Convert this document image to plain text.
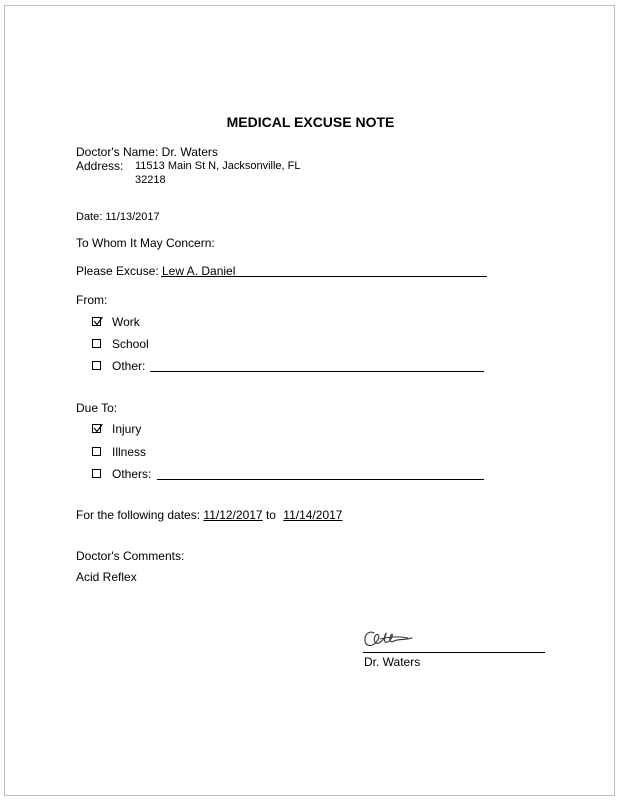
MEDICAL EXCUSE NOTE
Doctor's Name: Dr. Waters
Address: 11513 Main St N, Jacksonville, FL
32218
Date: 11/13/2017
To Whom It May Concern:
Please Excuse: Lew A. Daniel
From:
Work
School
Other:
Due To:
Injury
Illness
Others:
For the following dates: 11/12/2017 to 11/14/2017
Doctor's Comments:
Acid Reflex
Dr. Waters
